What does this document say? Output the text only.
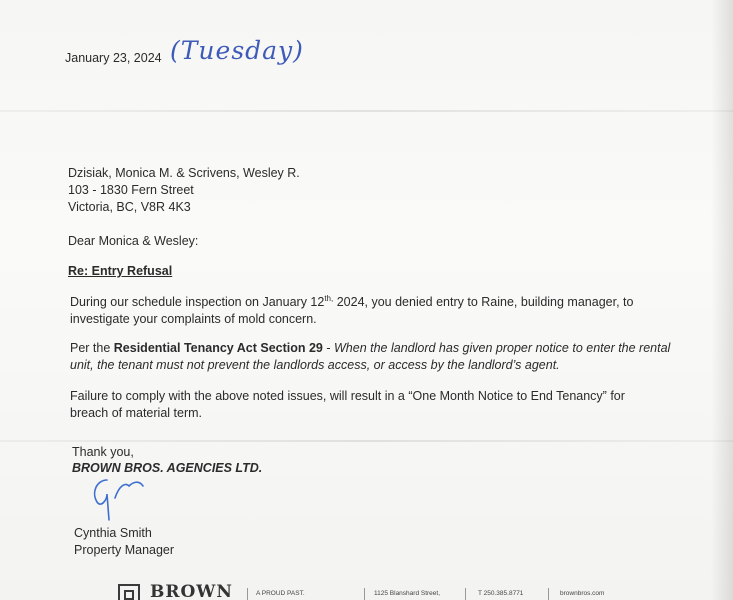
January 23, 2024 (Tuesday)
Dzisiak, Monica M. & Scrivens, Wesley R.
103 - 1830 Fern Street
Victoria, BC, V8R 4K3
Dear Monica & Wesley:
Re: Entry Refusal
During our schedule inspection on January $12^{th,}$ 2024, you denied entry to Raine, building manager, to
investigate your complaints of mold concern.
Per the Residential Tenancy Act Section 29 - When the landlord has given proper notice to enter the rental
unit, the tenant must not prevent the landlords access, or access by the landlord’s agent.
Failure to comply with the above noted issues, will result in a “One Month Notice to End Tenancy” for
breach of material term.
Thank you,
BROWN BROS. AGENCIES LTD.
Cynthia Smith
Property Manager
BROWN	A PROUD PAST.	1125 Blanshard Street,	T 250.385.8771	brownbros.com
